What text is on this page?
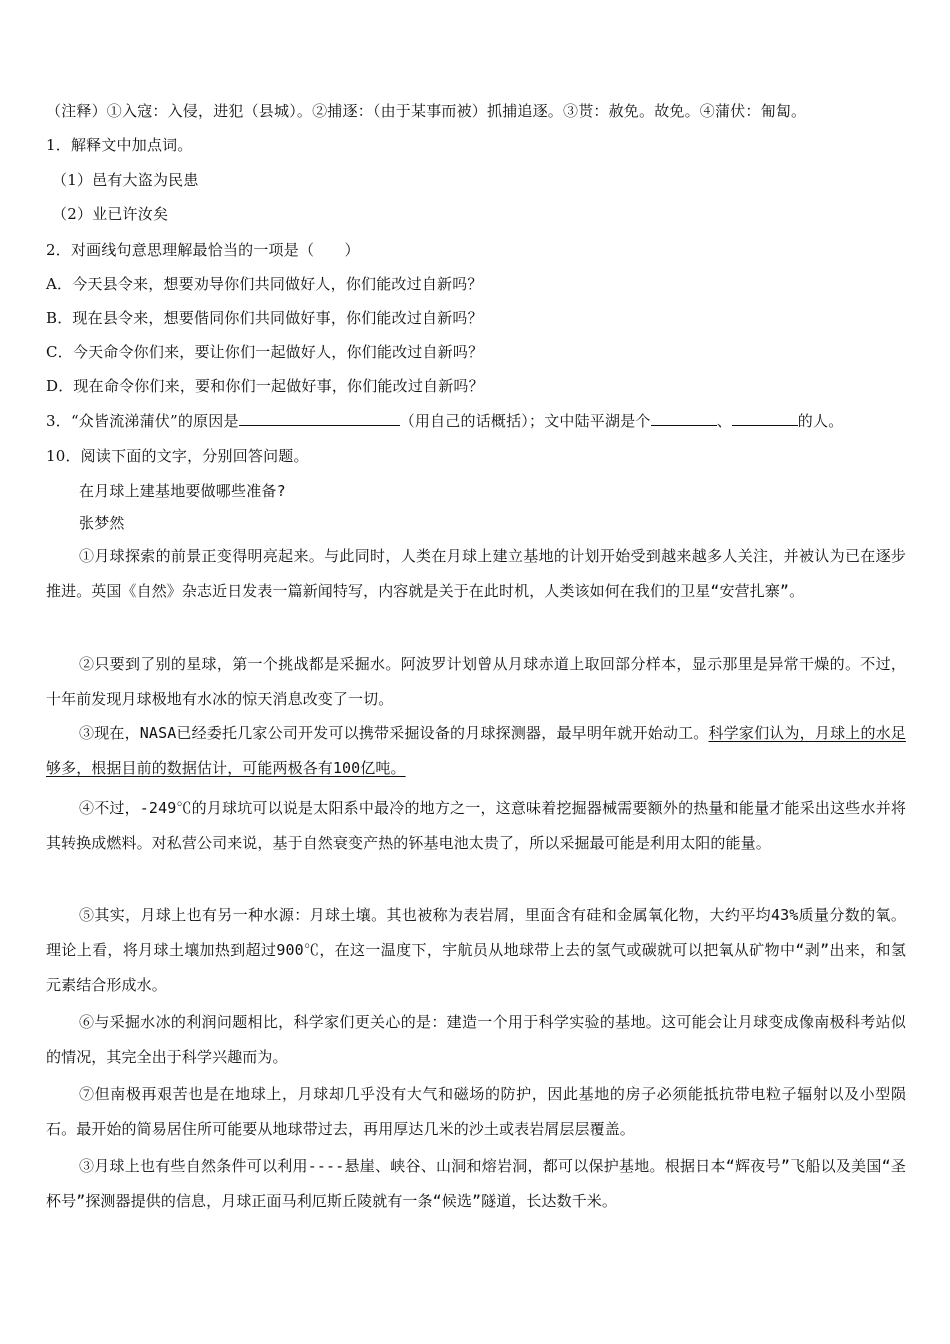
（注释）①入寇：入侵，进犯（县城）。②捕逐：（由于某事而被）抓捕追逐。③贳：赦免。故免。④蒲伏：匍匐。
1．解释文中加点词。
（1）邑有大盗为民患
（2）业已许汝矣
2．对画线句意思理解最恰当的一项是（　　）
A．今天县令来，想要劝导你们共同做好人，你们能改过自新吗？
B．现在县令来，想要偕同你们共同做好事，你们能改过自新吗？
C．今天命令你们来，要让你们一起做好人，你们能改过自新吗？
D．现在命令你们来，要和你们一起做好事，你们能改过自新吗？
3．“众皆流涕蒲伏”的原因是	（用自己的话概括）；文中陆平湖是个	、	的人。
10．阅读下面的文字，分别回答问题。
在月球上建基地要做哪些准备?
张梦然
①月球探索的前景正变得明亮起来。与此同时，人类在月球上建立基地的计划开始受到越来越多人关注，并被认为已在逐步推进。英国《自然》杂志近日发表一篇新闻特写，内容就是关于在此时机，人类该如何在我们的卫星“安营扎寨”。
②只要到了别的星球，第一个挑战都是采掘水。阿波罗计划曾从月球赤道上取回部分样本，显示那里是异常干燥的。不过，十年前发现月球极地有水冰的惊天消息改变了一切。
③现在，NASA已经委托几家公司开发可以携带采掘设备的月球探测器，最早明年就开始动工。科学家们认为，月球上的水足够多，根据目前的数据估计，可能两极各有100亿吨。
④不过，-249℃的月球坑可以说是太阳系中最冷的地方之一，这意味着挖掘器械需要额外的热量和能量才能采出这些水并将其转换成燃料。对私营公司来说，基于自然衰变产热的钚基电池太贵了，所以采掘最可能是利用太阳的能量。
⑤其实，月球上也有另一种水源：月球土壤。其也被称为表岩屑，里面含有硅和金属氧化物，大约平均43%质量分数的氧。理论上看，将月球土壤加热到超过900℃，在这一温度下，宇航员从地球带上去的氢气或碳就可以把氧从矿物中“剥”出来，和氢元素结合形成水。
⑥与采掘水冰的利润问题相比，科学家们更关心的是：建造一个用于科学实验的基地。这可能会让月球变成像南极科考站似的情况，其完全出于科学兴趣而为。
⑦但南极再艰苦也是在地球上，月球却几乎没有大气和磁场的防护，因此基地的房子必须能抵抗带电粒子辐射以及小型陨石。最开始的简易居住所可能要从地球带过去，再用厚达几米的沙土或表岩屑层层覆盖。
③月球上也有些自然条件可以利用----悬崖、峡谷、山洞和熔岩洞，都可以保护基地。根据日本“辉夜号”飞船以及美国“圣杯号”探测器提供的信息，月球正面马利厄斯丘陵就有一条“候选”隧道，长达数千米。
